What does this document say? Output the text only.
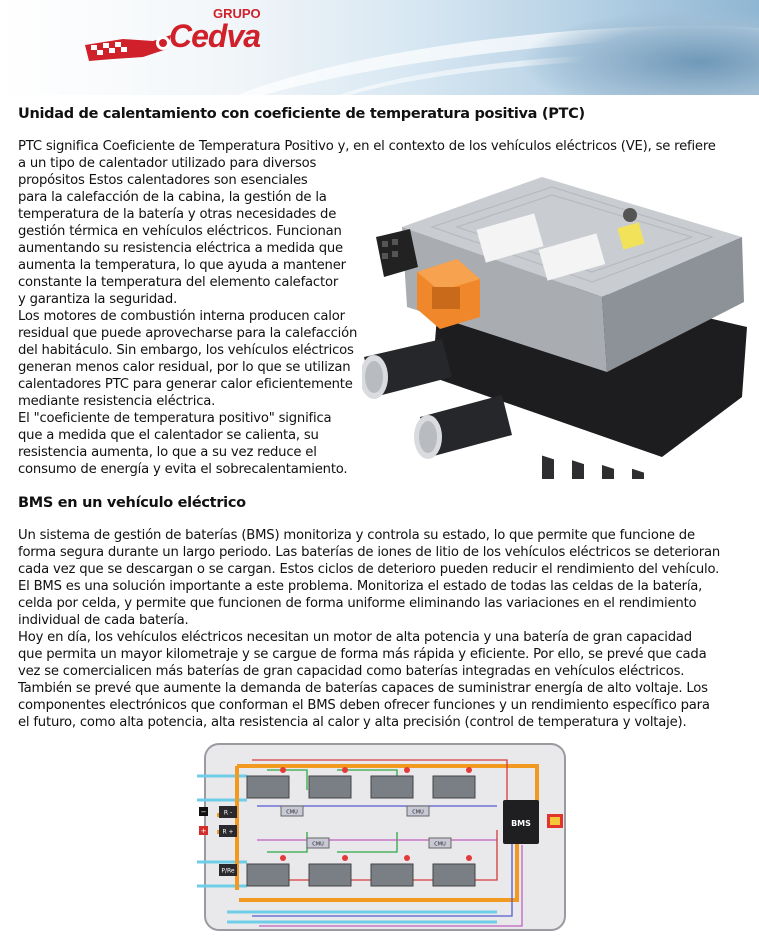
GRUPO
Cedva
Unidad de calentamiento con coeficiente de temperatura positiva (PTC)

PTC significa Coeficiente de Temperatura Positivo y, en el contexto de los vehículos eléctricos (VE), se refiere

a un tipo de calentador utilizado para diversos

propósitos Estos calentadores son esenciales

para la calefacción de la cabina, la gestión de la

temperatura de la batería y otras necesidades de

gestión térmica en vehículos eléctricos. Funcionan

aumentando su resistencia eléctrica a medida que

aumenta la temperatura, lo que ayuda a mantener

constante la temperatura del elemento calefactor

y garantiza la seguridad.

Los motores de combustión interna producen calor

residual que puede aprovecharse para la calefacción

del habitáculo. Sin embargo, los vehículos eléctricos

generan menos calor residual, por lo que se utilizan

calentadores PTC para generar calor eficientemente

mediante resistencia eléctrica.

El "coeficiente de temperatura positivo" significa

que a medida que el calentador se calienta, su

resistencia aumenta, lo que a su vez reduce el

consumo de energía y evita el sobrecalentamiento.

BMS en un vehículo eléctrico

Un sistema de gestión de baterías (BMS) monitoriza y controla su estado, lo que permite que funcione de

forma segura durante un largo periodo. Las baterías de iones de litio de los vehículos eléctricos se deterioran

cada vez que se descargan o se cargan. Estos ciclos de deterioro pueden reducir el rendimiento del vehículo.

El BMS es una solución importante a este problema. Monitoriza el estado de todas las celdas de la batería,

celda por celda, y permite que funcionen de forma uniforme eliminando las variaciones en el rendimiento

individual de cada batería.

Hoy en día, los vehículos eléctricos necesitan un motor de alta potencia y una batería de gran capacidad

que permita un mayor kilometraje y se cargue de forma más rápida y eficiente. Por ello, se prevé que cada

vez se comercialicen más baterías de gran capacidad como baterías integradas en vehículos eléctricos.

También se prevé que aumente la demanda de baterías capaces de suministrar energía de alto voltaje. Los

componentes electrónicos que conforman el BMS deben ofrecer funciones y un rendimiento específico para

el futuro, como alta potencia, alta resistencia al calor y alta precisión (control de temperatura y voltaje).

CMU	CMU
CMU	CMU
R -
R +
P/Re
−
+
BMS
